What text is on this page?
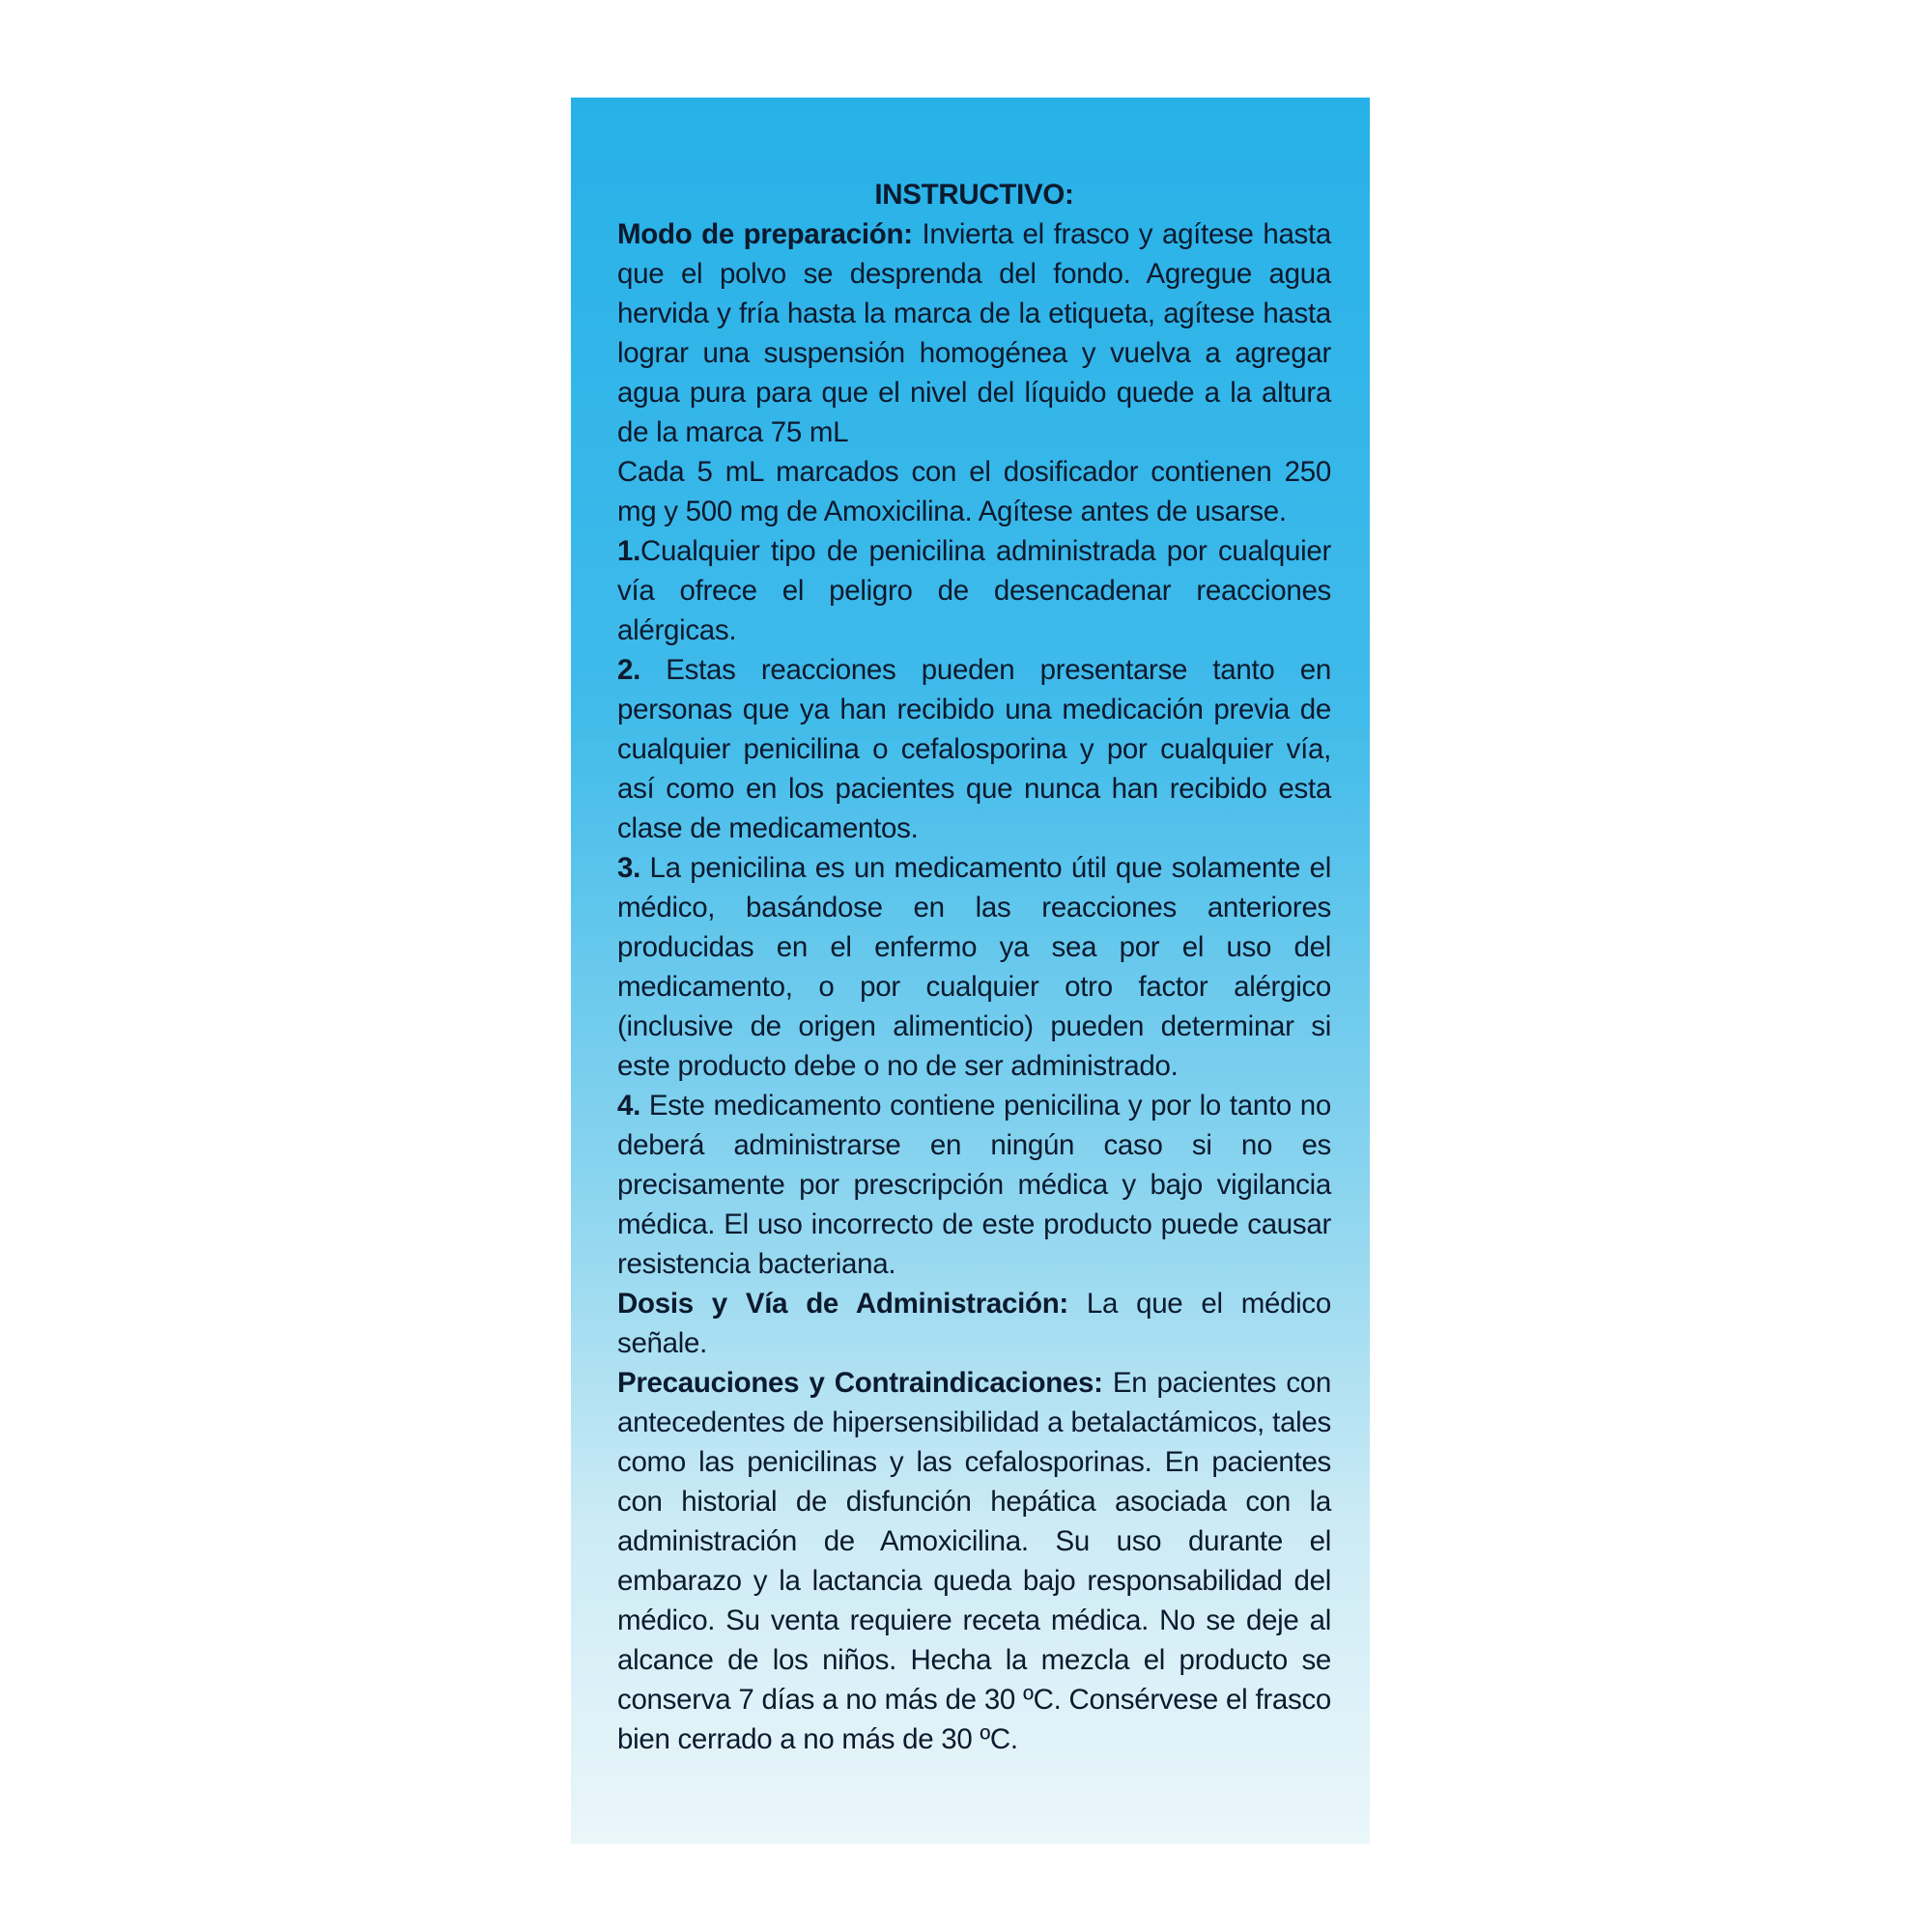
INSTRUCTIVO:

Modo de preparación: Invierta el frasco y agítese hasta que el polvo se desprenda del fondo. Agregue agua hervida y fría hasta la marca de la etiqueta, agítese hasta lograr una suspensión homogénea y vuelva a agregar agua pura para que el nivel del líquido quede a la altura de la marca 75 mL

Cada 5 mL marcados con el dosificador contienen 250 mg y 500 mg de Amoxicilina. Agítese antes de usarse.

1.Cualquier tipo de penicilina administrada por cualquier vía ofrece el peligro de desencadenar reacciones alérgicas.

2. Estas reacciones pueden presentarse tanto en personas que ya han recibido una medicación previa de cualquier penicilina o cefalosporina y por cualquier vía, así como en los pacientes que nunca han recibido esta clase de medicamentos.

3. La penicilina es un medicamento útil que solamente el médico, basándose en las reacciones anteriores producidas en el enfermo ya sea por el uso del medicamento, o por cualquier otro factor alérgico (inclusive de origen alimenticio) pueden determinar si este producto debe o no de ser administrado.

4. Este medicamento contiene penicilina y por lo tanto no deberá administrarse en ningún caso si no es precisamente por prescripción médica y bajo vigilancia médica. El uso incorrecto de este producto puede causar resistencia bacteriana.

Dosis y Vía de Administración: La que el médico señale.

Precauciones y Contraindicaciones: En pacientes con antecedentes de hipersensibilidad a betalactámicos, tales como las penicilinas y las cefalosporinas. En pacientes con historial de disfunción hepática asociada con la administración de Amoxicilina. Su uso durante el embarazo y la lactancia queda bajo responsabilidad del médico. Su venta requiere receta médica. No se deje al alcance de los niños. Hecha la mezcla el producto se conserva 7 días a no más de 30 ºC. Consérvese el frasco bien cerrado a no más de 30 ºC.
